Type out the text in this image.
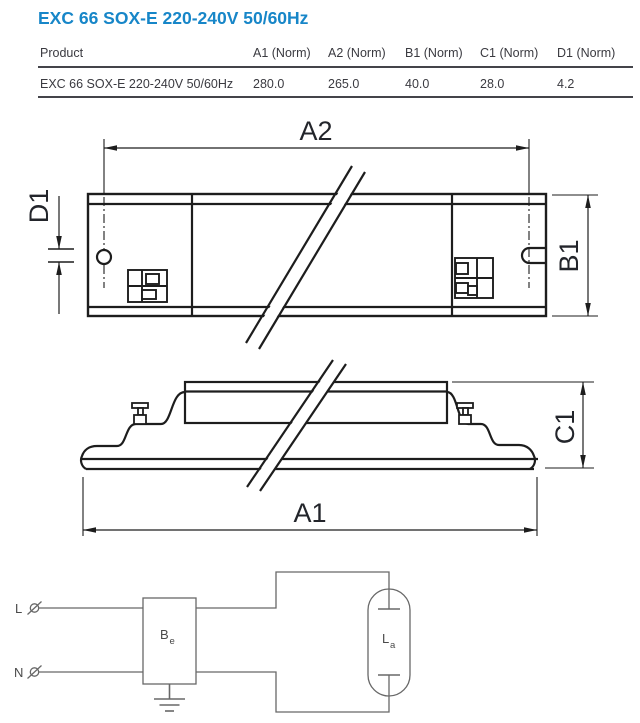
EXC 66 SOX-E 220-240V 50/60Hz
Product	A1 (Norm) A2 (Norm) B1 (Norm) C1 (Norm) D1 (Norm)
EXC 66 SOX-E 220-240V 50/60Hz 280.0	265.0	40.0	28.0	4.2
A2
B1
D1
C1
A1
L
N
B e	L a
